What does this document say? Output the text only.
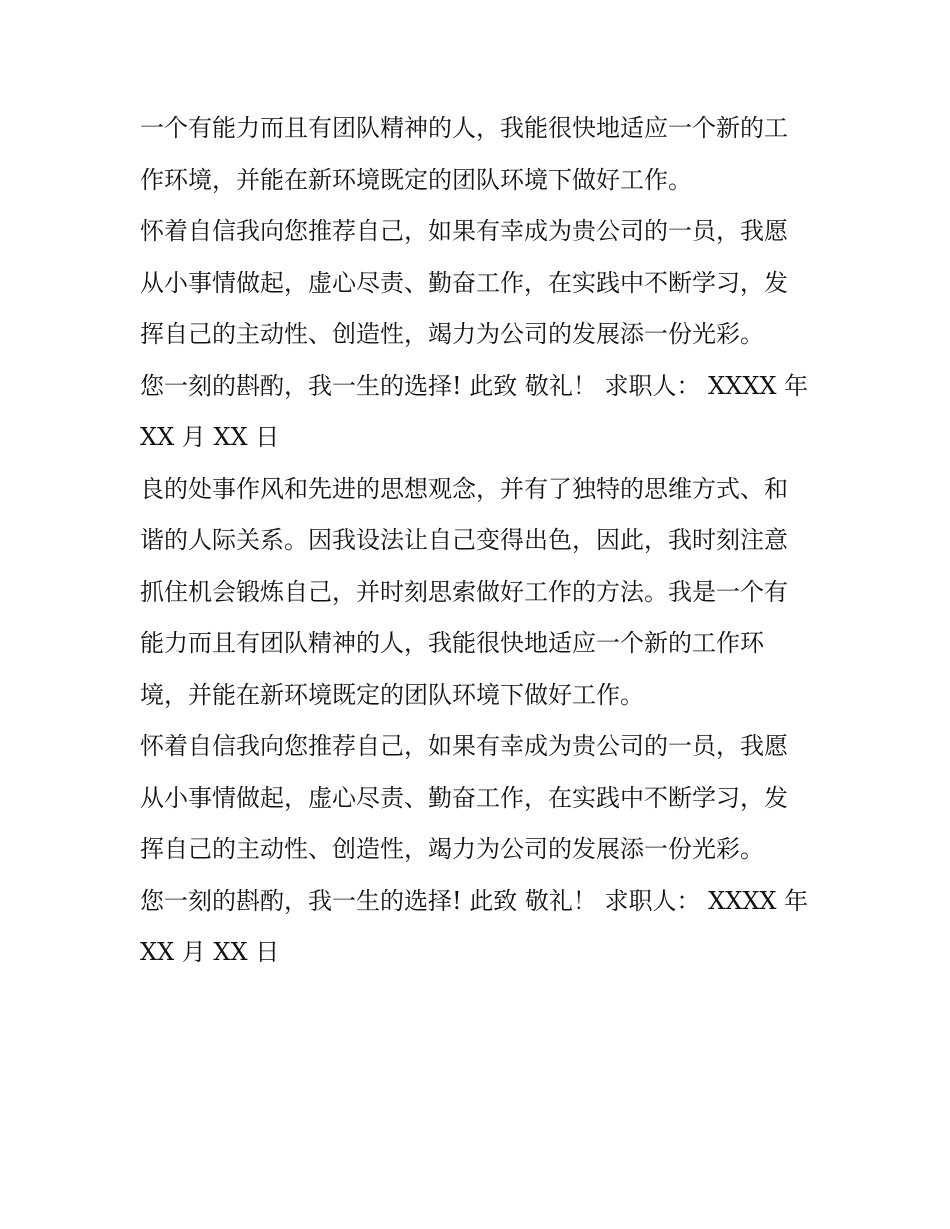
一个有能力而且有团队精神的人，我能很快地适应一个新的工
作环境，并能在新环境既定的团队环境下做好工作。
怀着自信我向您推荐自己，如果有幸成为贵公司的一员，我愿
从小事情做起，虚心尽责、勤奋工作，在实践中不断学习，发
挥自己的主动性、创造性，竭力为公司的发展添一份光彩。
您一刻的斟酌，我一生的选择! 此致 敬礼！ 求职人： XXXX 年
XX 月 XX 日
良的处事作风和先进的思想观念，并有了独特的思维方式、和
谐的人际关系。因我设法让自己变得出色，因此，我时刻注意
抓住机会锻炼自己，并时刻思索做好工作的方法。我是一个有
能力而且有团队精神的人，我能很快地适应一个新的工作环
境，并能在新环境既定的团队环境下做好工作。
怀着自信我向您推荐自己，如果有幸成为贵公司的一员，我愿
从小事情做起，虚心尽责、勤奋工作，在实践中不断学习，发
挥自己的主动性、创造性，竭力为公司的发展添一份光彩。
您一刻的斟酌，我一生的选择! 此致 敬礼！ 求职人： XXXX 年
XX 月 XX 日
